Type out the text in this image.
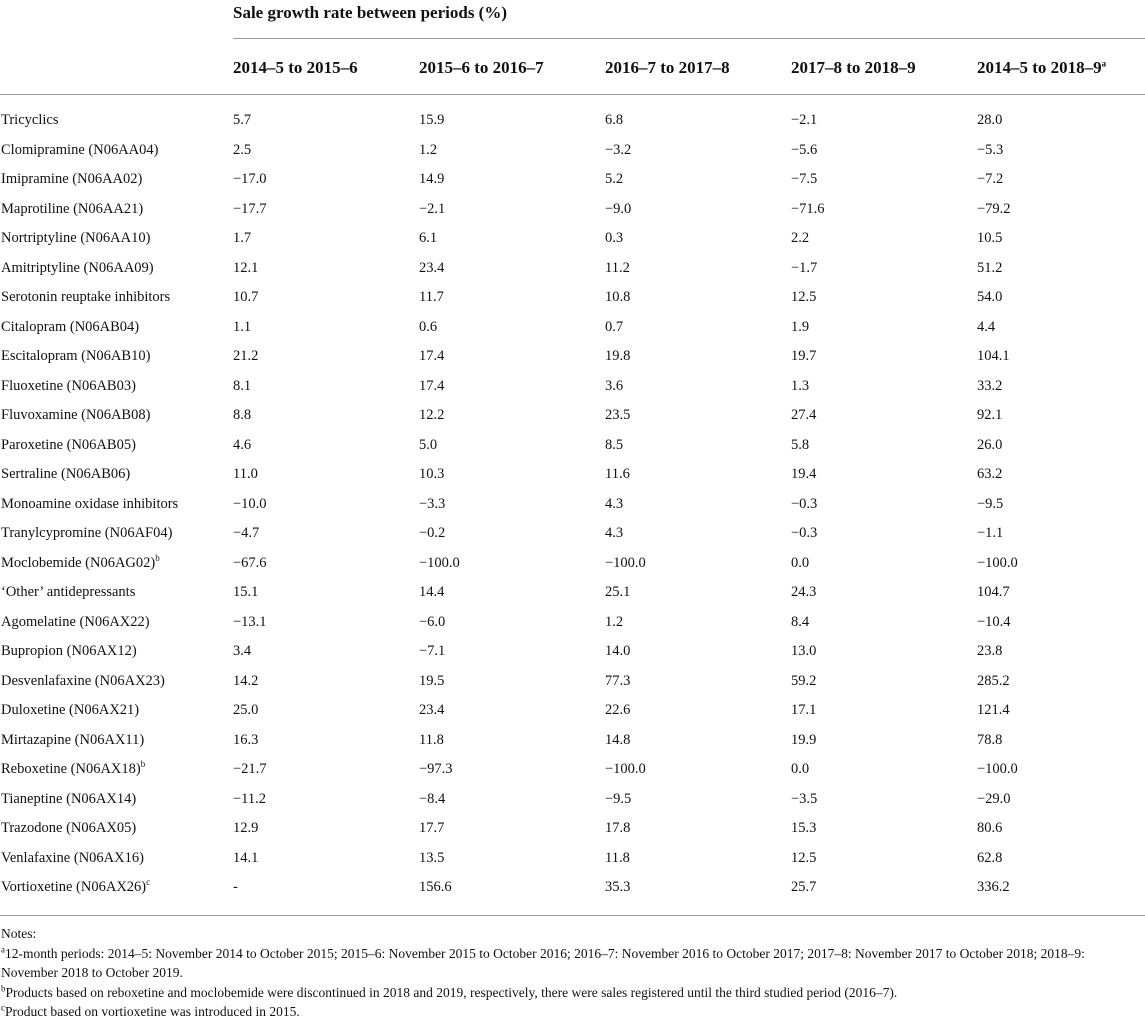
Sale growth rate between periods (%)
2014–5 to 2015–6	2015–6 to 2016–7	2016–7 to 2017–8	2017–8 to 2018–9	2014–5 to 2018–9$^a$
Tricyclics	5.7	15.9	6.8	−2.1	28.0
Clomipramine (N06AA04)	2.5	1.2	−3.2	−5.6	−5.3
Imipramine (N06AA02)	−17.0	14.9	5.2	−7.5	−7.2
Maprotiline (N06AA21)	−17.7	−2.1	−9.0	−71.6	−79.2
Nortriptyline (N06AA10)	1.7	6.1	0.3	2.2	10.5
Amitriptyline (N06AA09)	12.1	23.4	11.2	−1.7	51.2
Serotonin reuptake inhibitors	10.7	11.7	10.8	12.5	54.0
Citalopram (N06AB04)	1.1	0.6	0.7	1.9	4.4
Escitalopram (N06AB10)	21.2	17.4	19.8	19.7	104.1
Fluoxetine (N06AB03)	8.1	17.4	3.6	1.3	33.2
Fluvoxamine (N06AB08)	8.8	12.2	23.5	27.4	92.1
Paroxetine (N06AB05)	4.6	5.0	8.5	5.8	26.0
Sertraline (N06AB06)	11.0	10.3	11.6	19.4	63.2
Monoamine oxidase inhibitors	−10.0	−3.3	4.3	−0.3	−9.5
Tranylcypromine (N06AF04)	−4.7	−0.2	4.3	−0.3	−1.1
Moclobemide $(N06AG02)^b$	−67.6	−100.0	−100.0	0.0	−100.0
‘Other’ antidepressants	15.1	14.4	25.1	24.3	104.7
Agomelatine (N06AX22)	−13.1	−6.0	1.2	8.4	−10.4
Bupropion (N06AX12)	3.4	−7.1	14.0	13.0	23.8
Desvenlafaxine (N06AX23)	14.2	19.5	77.3	59.2	285.2
Duloxetine (N06AX21)	25.0	23.4	22.6	17.1	121.4
Mirtazapine (N06AX11)	16.3	11.8	14.8	19.9	78.8
Reboxetine $(N06AX18)^b$	−21.7	−97.3	−100.0	0.0	−100.0
Tianeptine (N06AX14)	−11.2	−8.4	−9.5	−3.5	−29.0
Trazodone (N06AX05)	12.9	17.7	17.8	15.3	80.6
Venlafaxine (N06AX16)	14.1	13.5	11.8	12.5	62.8
Vortioxetine $(N06AX26)^c$	-	156.6	35.3	25.7	336.2

Notes:

$^a$12-month periods: 2014–5: November 2014 to October 2015; 2015–6: November 2015 to October 2016; 2016–7: November 2016 to October 2017; 2017–8: November 2017 to October 2018; 2018–9: November 2018 to October 2019.

$^b$Products based on reboxetine and moclobemide were discontinued in 2018 and 2019, respectively, there were sales registered until the third studied period (2016–7).

$^c$Product based on vortioxetine was introduced in 2015.
